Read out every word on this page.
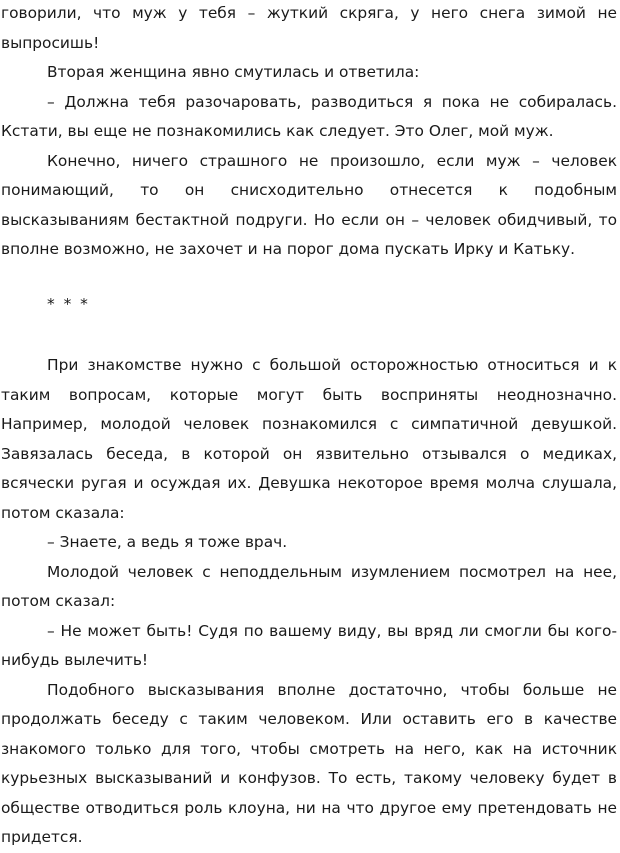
говорили, что муж у тебя – жуткий скряга, у него снега зимой не выпросишь!

Вторая женщина явно смутилась и ответила:

– Должна тебя разочаровать, разводиться я пока не собиралась. Кстати, вы еще не познакомились как следует. Это Олег, мой муж.

Конечно, ничего страшного не произошло, если муж – человек понимающий, то он снисходительно отнесется к подобным высказываниям бестактной подруги. Но если он – человек обидчивый, то вполне возможно, не захочет и на порог дома пускать Ирку и Катьку.

* * *

При знакомстве нужно с большой осторожностью относиться и к таким вопросам, которые могут быть восприняты неоднозначно. Например, молодой человек познакомился с симпатичной девушкой. Завязалась беседа, в которой он язвительно отзывался о медиках, всячески ругая и осуждая их. Девушка некоторое время молча слушала, потом сказала:

– Знаете, а ведь я тоже врач.

Молодой человек с неподдельным изумлением посмотрел на нее, потом сказал:

– Не может быть! Судя по вашему виду, вы вряд ли смогли бы кого-нибудь вылечить!

Подобного высказывания вполне достаточно, чтобы больше не продолжать беседу с таким человеком. Или оставить его в качестве знакомого только для того, чтобы смотреть на него, как на источник курьезных высказываний и конфузов. То есть, такому человеку будет в обществе отводиться роль клоуна, ни на что другое ему претендовать не придется.
